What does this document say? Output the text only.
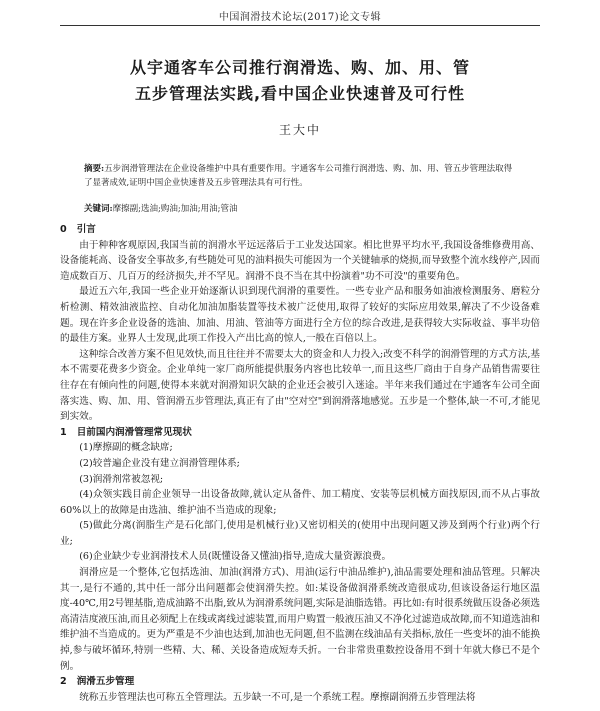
中国润滑技术论坛(2017)论文专辑
从宇通客车公司推行润滑选、购、加、用、管
五步管理法实践,看中国企业快速普及可行性
王大中
摘要:五步润滑管理法在企业设备维护中具有重要作用。宇通客车公司推行润滑选、购、加、用、管五步管理法取得了显著成效,证明中国企业快速普及五步管理法具有可行性。
关键词:摩擦副;选油;购油;加油;用油;管油
0 引言

由于种种客观原因,我国当前的润滑水平远远落后于工业发达国家。相比世界平均水平,我国设备维修费用高、设备能耗高、设备安全事故多,有些随处可见的油料损失可能因为一个关键轴承的烧损,而导致整个流水线停产,因而造成数百万、几百万的经济损失,并不罕见。润滑不良不当在其中扮演着"功不可没"的重要角色。

最近五六年,我国一些企业开始逐渐认识到现代润滑的重要性。一些专业产品和服务如油液检测服务、磨粒分析检测、精效油液监控、自动化加油加脂装置等技术被广泛使用,取得了较好的实际应用效果,解决了不少设备难题。现在许多企业设备的选油、加油、用油、管油等方面进行全方位的综合改进,是获得较大实际收益、事半功倍的最佳方案。业界人士发现,此项工作投入产出比高的惊人,一般在百倍以上。

这种综合改善方案不但见效快,而且往往并不需要太大的资金和人力投入;改变不科学的润滑管理的方式方法,基本不需要花费多少资金。企业单纯一家厂商所能提供服务内容也比较单一,而且这些厂商由于自身产品销售需要往往存在有倾向性的问题,使得本来就对润滑知识欠缺的企业还会被引入迷途。半年来我们通过在宇通客车公司全面落实选、购、加、用、管润滑五步管理法,真正有了由"空对空"到润滑落地感觉。五步是一个整体,缺一不可,才能见到实效。

1 目前国内润滑管理常见现状

(1)摩擦副的概念缺席;

(2)较普遍企业没有建立润滑管理体系;

(3)润滑剂常被忽视;

(4)众领实践目前企业领导一出设备故障,就认定从备件、加工精度、安装等层机械方面找原因,而不从占事故60%以上的故障是由选油、维护油不当造成的现象;

(5)做此分离(润脂生产是石化部门,使用是机械行业)又密切相关的(使用中出现问题又涉及到两个行业)两个行业;

(6)企业缺少专业润滑技术人员(既懂设备又懂油)指导,造成大量资源浪费。

润滑应是一个整体,它包括选油、加油(润滑方式)、用油(运行中油品维护),油品需要处理和油品管理。只解决其一,是行不通的,其中任一部分出问题都会使润滑失控。如:某设备做润滑系统改造很成功,但该设备运行地区温度-40℃,用2号锂基脂,造成油路不出脂,致从为润滑系统问题,实际是油脂选错。再比如:有时很系统做压设备必须选高清洁度液压油,而且必须配上在线或离线过滤装置,而用户购置一般液压油又不净化过滤造成故障,而不知道选油和维护油不当造成的。更为严重是不少油也达到,加油也无问题,但不监测在线油品有关指标,放任一些变坏的油不能换掉,参与破坏循环,特别一些精、大、稀、关设备造成短寿夭折。一台非常贵重数控设备用不到十年就大修已不是个例。

2 润滑五步管理

统称五步管理法也可称五全管理法。五步缺一不可,是一个系统工程。摩擦副润滑五步管理法将
